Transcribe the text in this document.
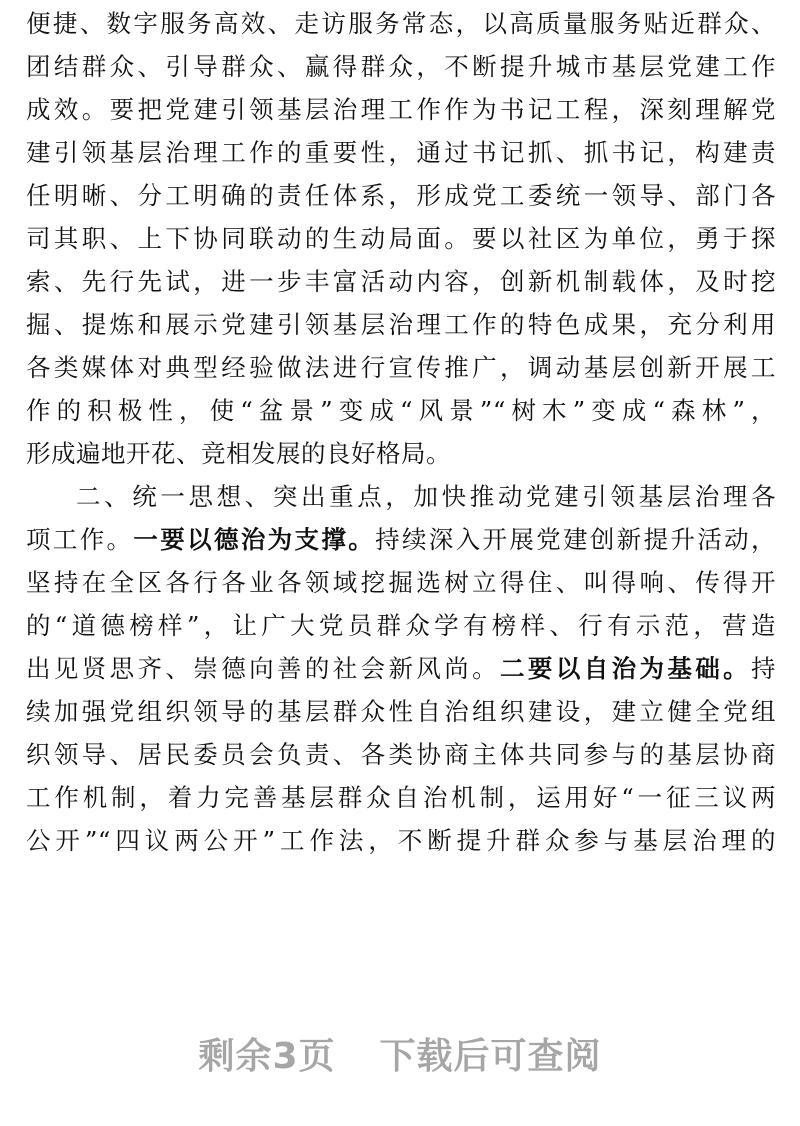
便捷、数字服务高效、走访服务常态，以高质量服务贴近群众、
团结群众、引导群众、赢得群众，不断提升城市基层党建工作
成效。要把党建引领基层治理工作作为书记工程，深刻理解党
建引领基层治理工作的重要性，通过书记抓、抓书记，构建责
任明晰、分工明确的责任体系，形成党工委统一领导、部门各
司其职、上下协同联动的生动局面。要以社区为单位，勇于探
索、先行先试，进一步丰富活动内容，创新机制载体，及时挖
掘、提炼和展示党建引领基层治理工作的特色成果，充分利用
各类媒体对典型经验做法进行宣传推广，调动基层创新开展工
作的积极性，使“盆景”变成“风景”“树木”变成“森林”，
形成遍地开花、竞相发展的良好格局。
二、统一思想、突出重点，加快推动党建引领基层治理各
项工作。一要以德治为支撑。持续深入开展党建创新提升活动，
坚持在全区各行各业各领域挖掘选树立得住、叫得响、传得开
的“道德榜样”，让广大党员群众学有榜样、行有示范，营造
出见贤思齐、崇德向善的社会新风尚。二要以自治为基础。持
续加强党组织领导的基层群众性自治组织建设，建立健全党组
织领导、居民委员会负责、各类协商主体共同参与的基层协商
工作机制，着力完善基层群众自治机制，运用好“一征三议两
公开”“四议两公开”工作法，不断提升群众参与基层治理的
剩余3页 下载后可查阅
